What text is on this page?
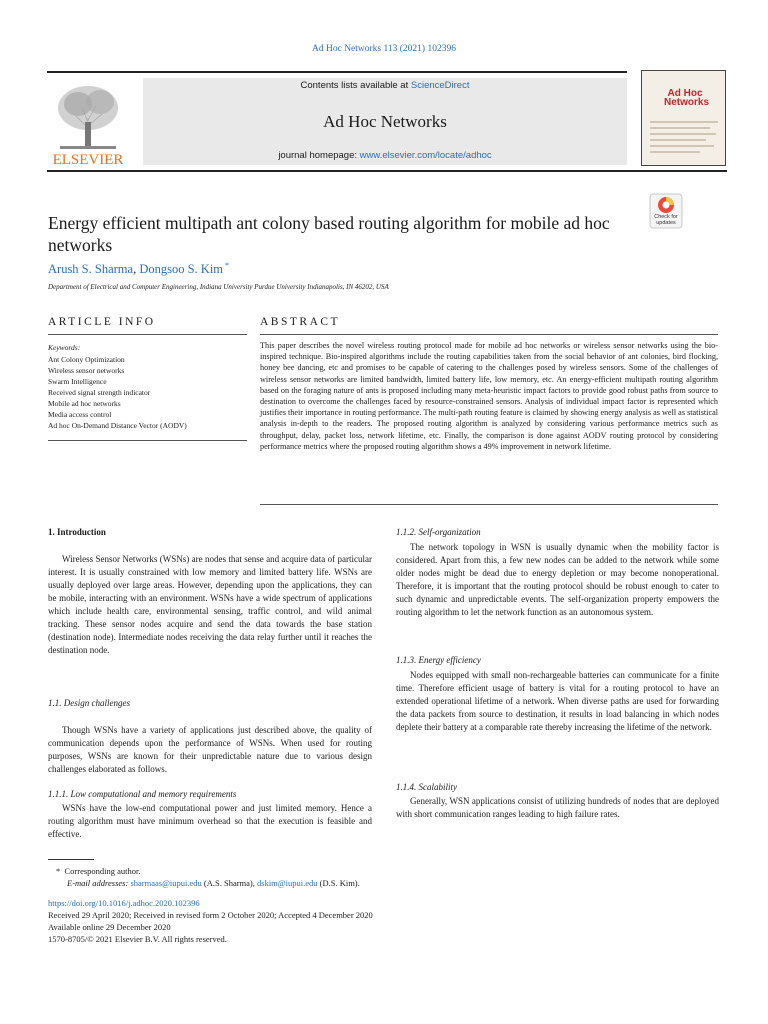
Ad Hoc Networks 113 (2021) 102396
ELSEVIER
Contents lists available at ScienceDirect
Ad Hoc Networks
journal homepage: www.elsevier.com/locate/adhoc
Ad Hoc Networks
Check for updates
Energy efficient multipath ant colony based routing algorithm for mobile ad hoc networks
Arush S. Sharma, Dongsoo S. Kim *
Department of Electrical and Computer Engineering, Indiana University Purdue University Indianapolis, IN 46202, USA
ARTICLE INFO	ABSTRACT
Keywords:
Ant Colony Optimization
Wireless sensor networks
Swarm Intelligence
Received signal strength indicator
Mobile ad hoc networks
Media access control
Ad hoc On-Demand Distance Vector (AODV)
This paper describes the novel wireless routing protocol made for mobile ad hoc networks or wireless sensor networks using the bio-inspired technique. Bio-inspired algorithms include the routing capabilities taken from the social behavior of ant colonies, bird flocking, honey bee dancing, etc and promises to be capable of catering to the challenges posed by wireless sensors. Some of the challenges of wireless sensor networks are limited bandwidth, limited battery life, low memory, etc. An energy-efficient multipath routing algorithm based on the foraging nature of ants is proposed including many meta-heuristic impact factors to provide good robust paths from source to destination to overcome the challenges faced by resource-constrained sensors. Analysis of individual impact factor is represented which justifies their importance in routing performance. The multi-path routing feature is claimed by showing energy analysis as well as statistical analysis in-depth to the readers. The proposed routing algorithm is analyzed by considering various performance metrics such as throughput, delay, packet loss, network lifetime, etc. Finally, the comparison is done against AODV routing protocol by considering performance metrics where the proposed routing algorithm shows a 49% improvement in network lifetime.
1. Introduction

Wireless Sensor Networks (WSNs) are nodes that sense and acquire data of particular interest. It is usually constrained with low memory and limited battery life. WSNs are usually deployed over large areas. However, depending upon the applications, they can be mobile, interacting with an environment. WSNs have a wide spectrum of applications which include health care, environmental sensing, traffic control, and wild animal tracking. These sensor nodes acquire and send the data towards the base station (destination node). Intermediate nodes receiving the data relay further until it reaches the destination node.

1.1. Design challenges

Though WSNs have a variety of applications just described above, the quality of communication depends upon the performance of WSNs. When used for routing purposes, WSNs are known for their unpredictable nature due to various design challenges elaborated as follows.

1.1.1. Low computational and memory requirements

WSNs have the low-end computational power and just limited memory. Hence a routing algorithm must have minimum overhead so that the execution is feasible and effective.

1.1.2. Self-organization

The network topology in WSN is usually dynamic when the mobility factor is considered. Apart from this, a few new nodes can be added to the network while some older nodes might be dead due to energy depletion or may become nonoperational. Therefore, it is important that the routing protocol should be robust enough to cater to such dynamic and unpredictable events. The self-organization property empowers the routing algorithm to let the network function as an autonomous system.

1.1.3. Energy efficiency

Nodes equipped with small non-rechargeable batteries can communicate for a finite time. Therefore efficient usage of battery is vital for a routing protocol to have an extended operational lifetime of a network. When diverse paths are used for forwarding the data packets from source to destination, it results in load balancing in which nodes deplete their battery at a comparable rate thereby increasing the lifetime of the network.

1.1.4. Scalability

Generally, WSN applications consist of utilizing hundreds of nodes that are deployed with short communication ranges leading to high failure rates.

* Corresponding author.
E-mail addresses: sharmaas@iupui.edu (A.S. Sharma), dskim@iupui.edu (D.S. Kim).
https://doi.org/10.1016/j.adhoc.2020.102396
Received 29 April 2020; Received in revised form 2 October 2020; Accepted 4 December 2020
Available online 29 December 2020
1570-8705/© 2021 Elsevier B.V. All rights reserved.
